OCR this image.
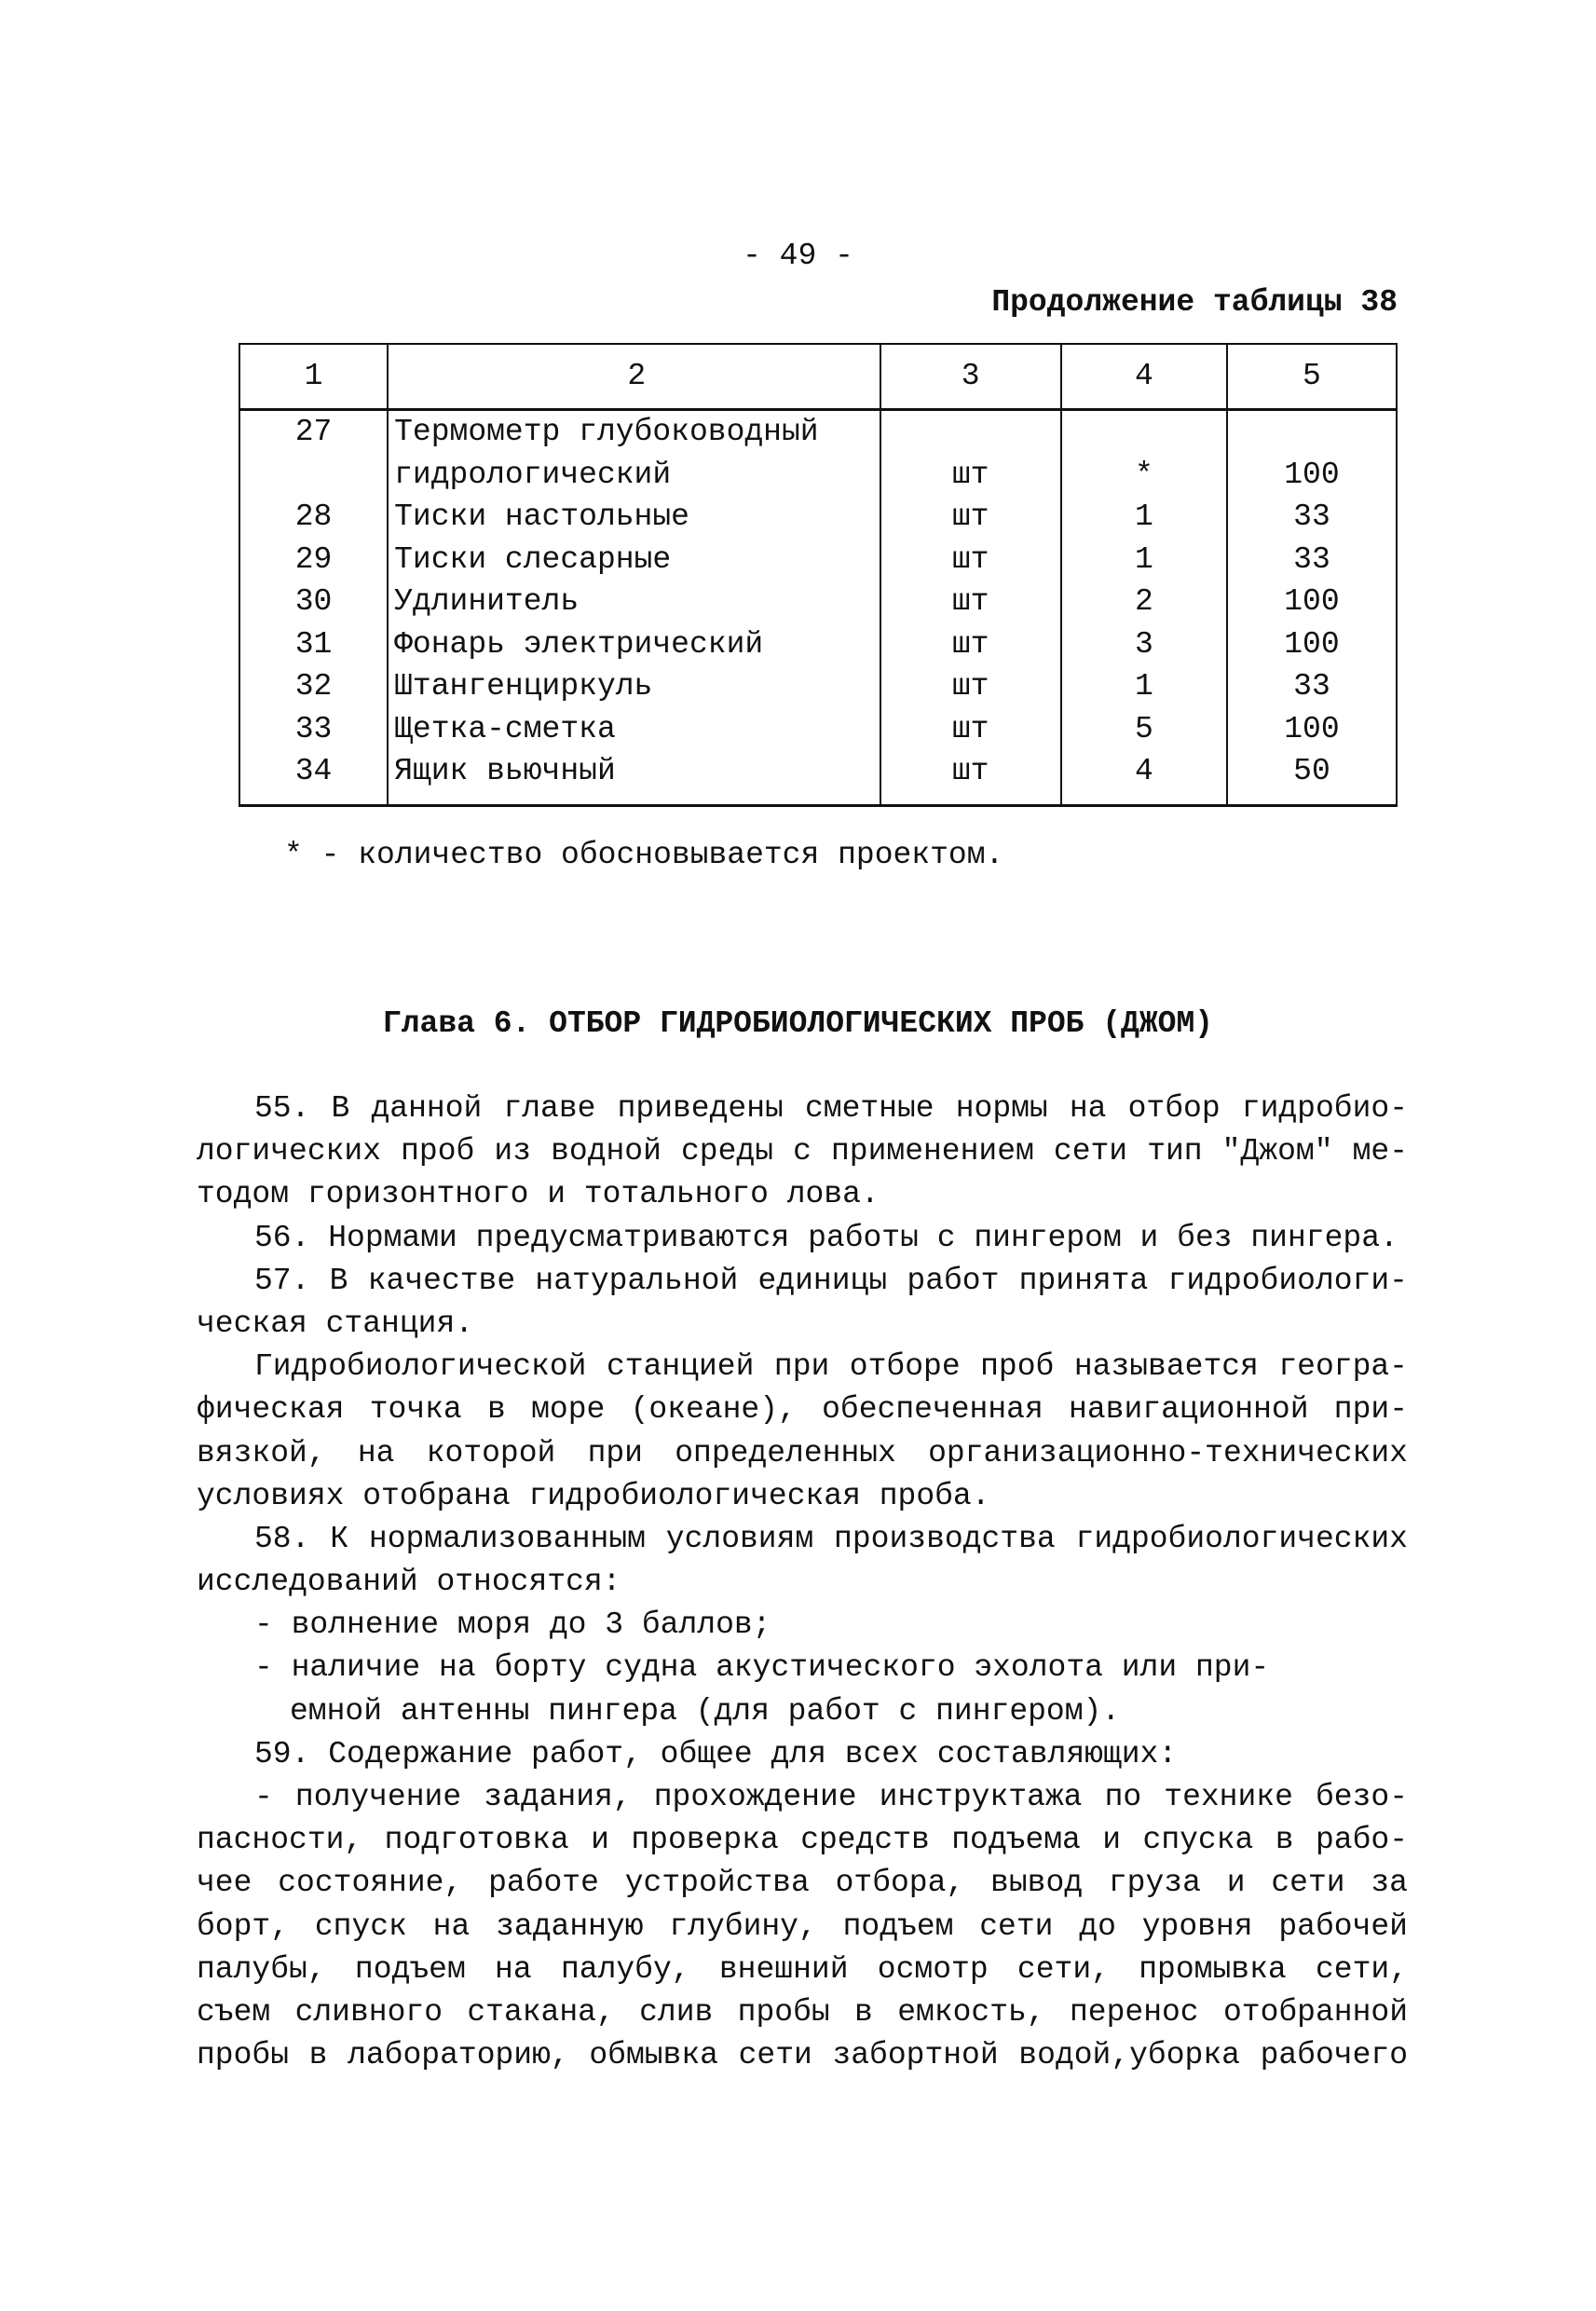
- 49 -
Продолжение таблицы 38
1	2	3	4	5
27	Термометр глубоководный			
	гидрологический	шт	*	100
28	Тиски настольные	шт	1	33
29	Тиски слесарные	шт	1	33
30	Удлинитель	шт	2	100
31	Фонарь электрический	шт	3	100
32	Штангенциркуль	шт	1	33
33	Щетка-сметка	шт	5	100
34	Ящик вьючный	шт	4	50

* - количество обосновывается проектом.
Глава 6. ОТБОР ГИДРОБИОЛОГИЧЕСКИХ ПРОБ (ДЖОМ)
55. В данной главе приведены сметные нормы на отбор гидробио-
логических проб из водной среды с применением сети тип "Джом" ме-
тодом горизонтного и тотального лова.
56. Нормами предусматриваются работы с пингером и без пингера.
57. В качестве натуральной единицы работ принята гидробиологи-
ческая станция.
Гидробиологической станцией при отборе проб называется геогра-
фическая точка в море (океане), обеспеченная навигационной при-
вязкой, на которой при определенных организационно-технических
условиях отобрана гидробиологическая проба.
58. К нормализованным условиям производства гидробиологических
исследований относятся:
- волнение моря до 3 баллов;
- наличие на борту судна акустического эхолота или при-
емной антенны пингера (для работ с пингером).
59. Содержание работ, общее для всех составляющих:
- получение задания, прохождение инструктажа по технике безо-
пасности, подготовка и проверка средств подъема и спуска в рабо-
чее состояние, работе устройства отбора, вывод груза и сети за
борт, спуск на заданную глубину, подъем сети до уровня рабочей
палубы, подъем на палубу, внешний осмотр сети, промывка сети,
съем сливного стакана, слив пробы в емкость, перенос отобранной
пробы в лабораторию, обмывка сети забортной водой,уборка рабочего
